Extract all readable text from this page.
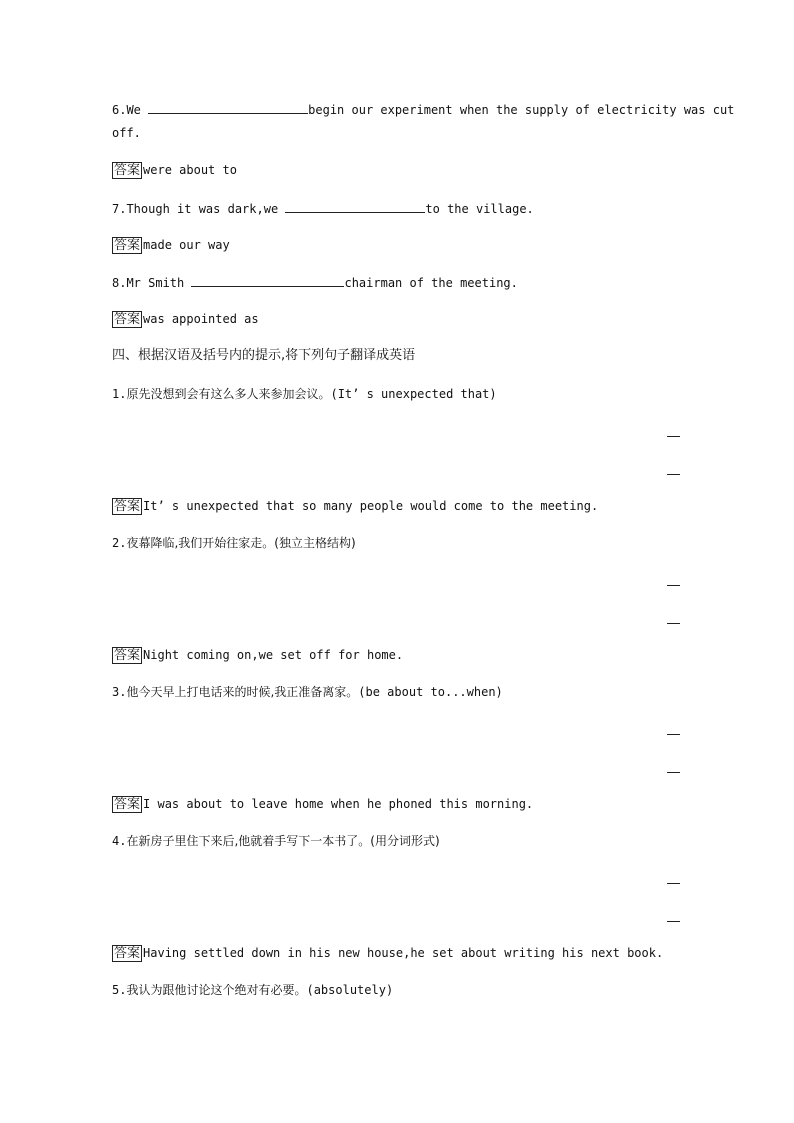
6.We	begin our experiment when the supply of electricity was cut
off.
答案 were about to
7.Though it was dark,we	to the village.
答案 made our way
8.Mr Smith	chairman of the meeting.
答案 was appointed as
四、根据汉语及括号内的提示,将下列句子翻译成英语
1.原先没想到会有这么多人来参加会议。(It’ s unexpected that)
答案 It’ s unexpected that so many people would come to the meeting.
2.夜幕降临,我们开始往家走。(独立主格结构)
答案 Night coming on,we set off for home.
3.他今天早上打电话来的时候,我正准备离家。(be about to...when)
答案 I was about to leave home when he phoned this morning.
4.在新房子里住下来后,他就着手写下一本书了。(用分词形式)
答案 Having settled down in his new house,he set about writing his next book.
5.我认为跟他讨论这个绝对有必要。(absolutely)
